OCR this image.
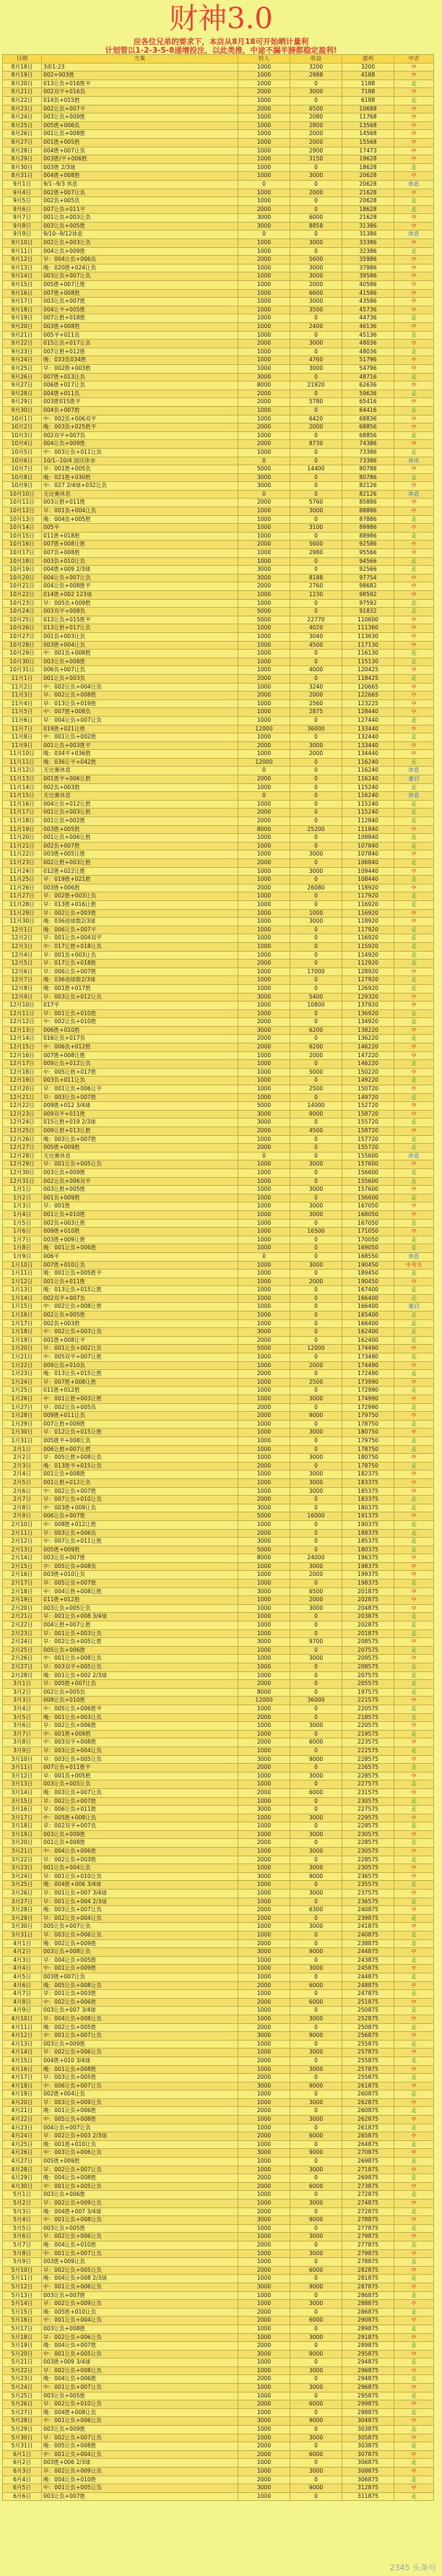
财神3.0
应各位兄弟的要求下，本店从8月18可开始晒计量利
计划管以1-2-3-5-8递增投注，以此类推，中途不漏半膀都稳定盈利!
日期	方案	投入	收益	盈利	中否
8月18日	3串1:23	1000	3200	3200	中
8月19日	002+003胜	1000	2988	4188	中
8月20日	013让负+016胜平	1000	0	1188	走
8月21日	002双平+016负	2000	3000	7188	中
8月22日	014负+015胜	1000	0	6188	走
8月23日	002让负+007平	2000	6500	10688	中
8月24日	003让负+009胜	1000	2080	11768	中
8月25日	005胜+006负	1000	2800	13568	中
8月26日	001让负+008胜	1000	2000	14568	中
8月27日	001胜+005胜	1000	2000	15568	中
8月28日	004胜+007让负	1000	2900	17473	中
8月29日	003胜/平+006胜	1000	3150	19628	中
8月30日	003胜 2/3球	1000	0	18628	走
8月31日	004胜+008胜	1000	3000	20628	中
9月1日	9/1--9/3 休息	0	0	20628	休息
9月4日	002胜+007让负	1000	2000	21628	中
9月5日	002负+005负	1000	0	20628	走
9月6日	007让负+011平	2000	0	18628	走
9月7日	001让负+003让负	3000	6000	21628	中
9月8日	003让负+005胜	3000	8858	31386	中
9月9日	9/10--9/12休息	0	0	31386	休息
9月10日	002让负+003让负	1000	3000	33386	中
9月11日	004让负+009胜	1000	0	32386	走
9月12日	早：004让负+006负	2000	5600	35986	中
9月13日	晚：020胜+024让负	1000	3000	37986	中
9月14日	003让负+007让负	1000	3000	39586	中
9月15日	005胜+007让胜	1000	2000	40586	中
9月16日	007胜+008胜	1000	6600	41586	中
9月17日	003让负+007胜	1000	3000	43586	中
9月18日	004让平+005胜	1000	3500	45736	中
9月19日	007让胜+018胜	1000	0	44736	走
9月20日	003胜+008胜	1000	2400	46136	中
9月21日	005平+011负	1000	0	45136	走
9月22日	015让负+017让负	2000	3000	48036	中
9月23日	007让胜+012胜	1000	0	48036	走
9月24日	晚：033负034胜	1000	4760	51796	中
9月25日	早：002胜+003胜	1000	3000	54796	中
9月26日	007胜+013让负	3000	0	48716	走
9月27日	006胜+017让负	8000	21920	62636	中
9月28日	004胜+011负	2000	0	59636	走
9月29日	003胜015胜平	2000	5780	65416	中
9月30日	004负+007胜	1000	0	64416	走
10月1日	中：002负+006双平	1000	6420	68836	中
10月2日	晚：003负+025胜平	2000	2000	68856	中
10月3日	002双平+007负	1000	0	68856	走
10月4日	004让负+009胜	2000	8730	74386	中
10月5日	中：003让负+011让负	1000	0	73386	走
10月6日	10/1--10/4 国庆休市	0	0	73386	休市
10月7日	早：001胜+005负	5000	14400	80786	中
10月8日	晚：021胜+030胜	3000	0	80786	走
10月9日	中：027 2/4球+032让负	3000	0	82126	中
10月10日	无比赛休息	0	0	82126	休息
10月11日	003让胜+011胜	2000	5760	85886	中
10月12日	早：001负+004让负	1000	3000	88886	中
10月13日	晚：004负+005胜	1000	0	87886	走
10月14日	005平	1000	3100	89986	中
10月15日	011胜+018胜	1000	0	88986	走
10月16日	007胜+008让胜	2000	5600	92586	中
10月17日	007负+008胜	1000	2980	95566	中
10月18日	003负+010让负	1000	0	94566	走
10月19日	004胜+009 2/3球	3000	0	92566	走
10月20日	004让负+007让负	3000	8188	97754	中
10月21日	004让负+008胜平	2000	2760	98682	中
10月22日	014胜+002 123球	1000	1230	98592	中
10月23日	早：005负+009胜	1000	0	97592	走
10月24日	003双平+008负	5000	0	91832	走
10月25日	013让负+015胜平	5000	22770	110600	中
10月26日	013让胜+017让负	1000	4020	111360	中
10月27日	001负+003让负	1000	3040	113630	中
10月28日	003胜+004让负	1000	4500	117130	中
10月29日	中：001负+008胜	1000	0	116130	走
10月30日	003让负+008胜	1000	0	115130	走
10月31日	006负+007让负	1000	4000	120425	中
11月1日	001让负+003负	2000	0	118425	走
11月2日	中：002让负+004让负	1000	3240	120665	中
11月3日	早：002让负+008胜	2000	2000	122665	中
11月4日	早：013让负+019胜	1000	2560	123225	中
11月5日	中：007胜+008负	1000	2875	128440	中
11月6日	早：004让负+007让负	1000	0	127440	走
11月7日	019胜+021让胜	12000	36000	133440	中
11月8日	中：001让负+002胜	1000	0	132440	走
11月9日	001让负+003胜平	2000	3000	133440	中
11月10日	晚：034平+036胜	1000	2000	134440	中
11月11日	晚：036让平+042胜	12000	0	116240	走
11月12日	无比赛休息	0	0	116240	休息
11月13日	001胜平+006让胜	2000	0	116240	重启
11月14日	002负+003胜	1000	0	115240	走
11月15日	无比赛休息	0	0	116240	休息
11月16日	004让负+012让胜	1000	0	115240	走
11月17日	001让负+003让胜	2000	0	115240	走
11月18日	001让负+002胜	2000	0	112840	走
11月19日	003胜+005胜	8000	25200	111840	中
11月20日	001让负+006让胜	1000	0	109840	走
11月21日	002负+007胜	1000	0	107840	走
11月22日	003胜+005让胜	1000	3000	107840	中
11月23日	002让胜+003让胜	2000	0	106840	走
11月24日	012胜+022让胜	1000	3000	109440	中
11月25日	早：019胜+021胜	1000	0	108440	走
11月26日	003胜+006胜	2000	26080	118920	中
11月27日	早：002胜+003让负	1000	0	117920	走
11月28日	早：013胜+016让胜	1000	0	116920	走
11月29日	早：002让负+003胜	1000	1000	116920	中
11月30日	晚：036进球数2/3球	1000	3000	118920	中
12月1日	晚：006让负+007平	1000	0	117920	走
12月2日	早：001让负+004双平	1000	0	116920	走
12月3日	中：017让胜+018让负	1000	0	115920	走
12月4日	早：001负+003让负	1000	0	114920	走
12月5日	早：017让负+018胜	2000	0	112920	走
12月6日	早：006让负+007胜	1000	17000	128920	中
12月7日	晚：036进球数2/3球	1000	0	127920	走
12月8日	晚：001胜+017胜	1000	0	126920	走
12月9日	早：003让负+012让负	3000	5400	129320	中
12月10日	017平	1000	10800	137920	中
12月11日	早：001让负+010胜	1000	0	136920	走
12月12日	中：002让负+010胜	2000	0	134920	走
12月13日	006胜+010胜	3000	6200	138220	中
12月14日	016让负+017负	2000	0	136220	走
12月15日	中：006负+012胜	2000	6200	146220	中
12月16日	007胜+008让胜	1000	2000	147220	中
12月17日	009让负+012让负	1000	0	146220	走
12月18日	中：005让胜+017胜	1000	5000	150220	中
12月19日	003负+011让负	1000	0	149220	走
12月20日	早：001让负+006让平	1000	2500	150720	中
12月21日	早：003让负+007胜	1000	0	149720	走
12月22日	009胜+012 3/4球	5000	14000	152720	中
12月23日	009双平+011胜	3000	9000	158720	中
12月24日	015让胜+019 2/3球	3000	0	155720	走
12月25日	009让胜+013让胜	2000	4500	158720	中
12月26日	晚：003让负+007胜	1000	0	157720	走
12月27日	005胜+009胜	2000	0	155720	走
12月28日	无比赛休息	0	0	155600	休息
12月29日	早：001让负+005让负	1000	3000	157600	中
12月30日	003让负+009胜	1000	0	156600	走
12月31日	002让负+006双平	1000	0	155600	走
1月1日	003让胜+005胜	1000	3000	157600	中
1月2日	001负+009胜	1000	0	156600	走
1月3日	早：001胜	1000	3000	167050	中
1月4日	001让负+010胜	1000	3000	168050	中
1月5日	002负+003让胜	1000	0	167050	走
1月6日	009胜+010胜	1000	16500	171050	中
1月7日	003胜+009让胜	1000	0	170050	走
1月8日	晚：001让负+006胜	1000	0	169050	走
1月9日	006平	0	0	168550	休息
1月10日	007胜+010让负	1000	3000	190450	中考关
1月11日	晚：001让负+005胜平	1000	0	189450	走
1月12日	001让负+011胜	1000	2000	190450	中
1月13日	晚：013让负+015让胜	1000	0	167400	走
1月14日	002双平+007负	1000	0	166400	走
1月15日	中：002让负+008让胜	1000	0	166400	重启
1月16日	002让负+005胜	1000	0	165400	走
1月17日	002负+003胜	1000	0	166400	走
1月18日	中：002让负+003让负	3000	0	162400	走
1月19日	001胜+008让平	2000	0	162400	走
1月20日	早：001让负+002让负	5000	12000	174490	中
1月21日	中：005双平+007让胜	1000	0	173490	走
1月22日	009让负+010负	1000	2000	174490	中
1月23日	晚：013让负+015让胜	2000	0	172490	走
1月24日	早：007胜+008让胜	1000	2500	173990	中
1月25日	011胜+012胜	1000	0	172990	走
1月26日	中：001让胜+003让胜	1000	3000	174990	中
1月27日	早：002让负+005负	2000	0	172990	走
1月28日	009胜+011让负	2000	9000	179750	中
1月29日	007让胜+009胜	1000	0	178750	走
1月30日	早：012让负+015让胜	1000	3000	180750	中
1月31日	005胜平+008让负	1000	0	179750	走
2月1日	006让胜+007让胜	1000	0	178750	走
2月2日	早：005让胜+008让负	1000	3000	180750	中
2月3日	晚：013胜平+015让负	2000	0	178750	走
2月4日	001让负+008胜	1000	3000	182375	中
2月5日	001让胜+012让负	1000	3000	183375	中
2月6日	中：002让负+007胜	1000	3000	185375	中
2月7日	早：007让负+010让负	2000	0	183375	走
2月8日	中：003胜+009让负	3000	0	180375	走
2月9日	006让负+007胜	5000	16000	191375	中
2月10日	中：008胜+012让胜	1000	0	190375	走
2月11日	早：003让负+006负	2000	0	188375	走
2月12日	中：007让负+011让胜	3000	0	185375	走
2月13日	005胜+009胜	5000	0	180375	走
2月14日	003让负+007胜	8000	24000	196375	中
2月15日	中：005让负+008负	1000	3000	198375	中
2月16日	003胜+010让负	1000	2000	199375	中
2月17日	早：005让负+007胜	1000	0	198375	走
2月18日	中：004让胜+008让胜	3000	6500	201875	中
2月19日	011胜+012胜	1000	2000	202875	中
2月20日	003让负+005让负	1000	3000	204875	中
2月21日	早：001让负+008 3/4球	1000	0	203875	走
2月22日	004让胜+007让胜	1000	0	202875	走
2月23日	早：001让负+003让负	1000	0	201875	走
2月24日	早：002让负+005让胜	3000	9700	208575	中
2月25日	005让负+006胜	1000	0	207575	走
2月26日	中：001让负+008让负	1000	3000	209575	中
2月27日	早：003双平+005让负	1000	0	208575	走
2月28日	晚：001让负+002 2/3球	1000	0	207575	走
3月1日	早：005胜+007让负	2000	0	205575	走
3月2日	002让负+005负	8000	0	197575	走
3月3日	008让负+010胜	12000	36000	221575	中
3月4日	中：005让负+006胜平	1000	0	220575	走
3月5日	晚：001让负+003让负	2000	0	218575	走
3月6日	早：002让负+006胜	1000	3000	220575	中
3月7日	中：001胜+009胜	1000	0	219575	走
3月8日	中：003双平+008胜	2000	6000	223575	中
3月9日	早：003让负+004让负	1000	0	222575	走
3月10日	早：003让负+005让负	3000	9000	228575	中
3月11日	007让负+011胜平	2000	0	226575	走
3月12日	早：001负+005胜	1000	3000	228575	中
3月13日	003让负+005让负	1000	0	227575	走
3月14日	晚：003让负+007让负	2000	6000	231575	中
3月15日	早：002让负+007胜	1000	0	230575	走
3月16日	早：006让负+011胜	3000	0	227575	走
3月17日	中：005胜+008让负	1000	3000	229575	中
3月18日	早：002双平+007负	1000	0	228575	走
3月19日	003让负+009胜	1000	3000	230575	中
3月20日	001让负+008胜	2000	0	228575	走
3月21日	中：004让负+006胜	1000	3000	230575	中
3月22日	早：002让负+003胜	2000	0	228575	走
3月23日	001让负+004让负	1000	3000	230575	中
3月24日	早：001让负+010让负	3000	9000	236575	中
3月25日	晚：004胜+006 3/4球	1000	0	235575	走
3月26日	早：001让负+007 3/4球	1000	3000	237575	中
3月27日	早：001让负+004 2/3球	1000	0	236575	走
3月28日	晚：003让负+007让负	2000	6300	240875	中
3月29日	早：002让负+004让负	1000	0	239875	走
3月30日	005让负+007让负	1000	3000	241875	中
3月31日	早：003让负+006让负	1000	0	240875	走
4月1日	晚：002让负+009胜	2000	0	238875	走
4月2日	003让负+008让负	3000	9000	244875	中
4月3日	早：004让负+005胜	1000	0	243875	走
4月4日	中：001让负+009胜	1000	3000	245875	中
4月5日	003胜+007让负	1000	0	244875	走
4月6日	晚：005让负+008让负	2000	6000	248875	中
4月7日	早：001让负+003胜	1000	0	247875	走
4月8日	中：002让负+006胜	2000	6000	251875	中
4月9日	003让负+007 3/4球	1000	0	250875	走
4月10日	早：004让负+008让负	1000	3000	252875	中
4月11日	晚：002让负+005胜	2000	0	250875	走
4月12日	中：001让负+007让负	3000	9000	256875	中
4月13日	003让负+009胜	1000	0	255875	走
4月14日	早：002让负+006让负	1000	3000	257875	中
4月15日	004胜+010 3/4球	2000	0	255875	走
4月16日	晚：001让负+008胜	1000	3000	257875	中
4月17日	早：003让负+005胜	2000	0	255875	走
4月18日	中：006让负+007让负	3000	9000	261875	中
4月19日	002胜+004让负	1000	0	260875	走
4月20日	早：003让负+009让负	1000	3000	262875	中
4月21日	晚：001让负+006胜	2000	0	260875	走
4月22日	中：005让负+008胜	1000	3000	262875	中
4月23日	004让负+007让负	1000	0	261875	走
4月24日	早：002让负+003 2/3球	2000	6000	265875	中
4月25日	晚：001胜+010让负	1000	0	264875	走
4月26日	中：003让负+006让负	3000	9000	270875	中
4月27日	005胜+009胜	1000	0	269875	走
4月28日	早：002让负+007让负	1000	3000	271875	中
4月29日	晚：004让负+008胜	2000	0	269875	走
4月30日	中：001让负+005让负	2000	6000	273875	中
5月1日	003让负+006胜	1000	0	272875	走
5月2日	早：002让负+009让负	1000	3000	274875	中
5月3日	晚：004胜+007 3/4球	2000	0	272875	走
5月4日	中：001让负+008让负	3000	9000	278875	中
5月5日	003让负+005胜	1000	0	277875	走
5月6日	早：002让负+006让负	1000	3000	279875	中
5月7日	晚：004让负+010胜	2000	0	277875	走
5月8日	中：001让负+007让负	1000	3000	279875	中
5月9日	003胜+009让负	1000	0	278875	走
5月10日	早：002让负+005让负	2000	6000	282875	中
5月11日	晚：004让负+008 2/3球	1000	0	281875	走
5月12日	中：001让负+006让负	3000	9000	287875	中
5月13日	003让负+007胜	1000	0	286875	走
5月14日	早：002让负+009让负	1000	3000	288875	中
5月15日	晚：005胜+010让负	2000	0	286875	走
5月16日	中：001让负+004让负	2000	6000	290875	中
5月17日	003让负+008胜	1000	0	289875	走
5月18日	早：002让负+006让负	1000	3000	291875	中
5月19日	晚：004让负+007胜	2000	0	289875	走
5月20日	中：001让负+005让负	3000	9000	295875	中
5月21日	003胜+009 3/4球	1000	0	294875	走
5月22日	早：002让负+008让负	1000	3000	296875	中
5月23日	晚：004让负+006胜	2000	0	294875	走
5月24日	中：001让负+007让负	1000	3000	296875	中
5月25日	003让负+005胜	1000	0	295875	走
5月26日	早：002让负+010让负	2000	6000	299875	中
5月27日	晚：004胜+008让负	1000	0	298875	走
5月28日	中：001让负+006让负	3000	9000	304875	中
5月29日	003让负+009胜	1000	0	303875	走
5月30日	早：002让负+007让负	1000	3000	305875	中
5月31日	晚：005让负+008胜	2000	0	303875	走
6月1日	中：001让负+004让负	2000	6000	307875	中
6月2日	003胜+006 2/3球	1000	0	306875	走
6月3日	早：002让负+009让负	1000	3000	308875	中
6月4日	晚：004让负+010胜	2000	0	306875	走
6月5日	中：001让负+005让负	3000	9000	312875	中
6月6日	003让负+007胜	1000	0	311875	走
2345 头条号
